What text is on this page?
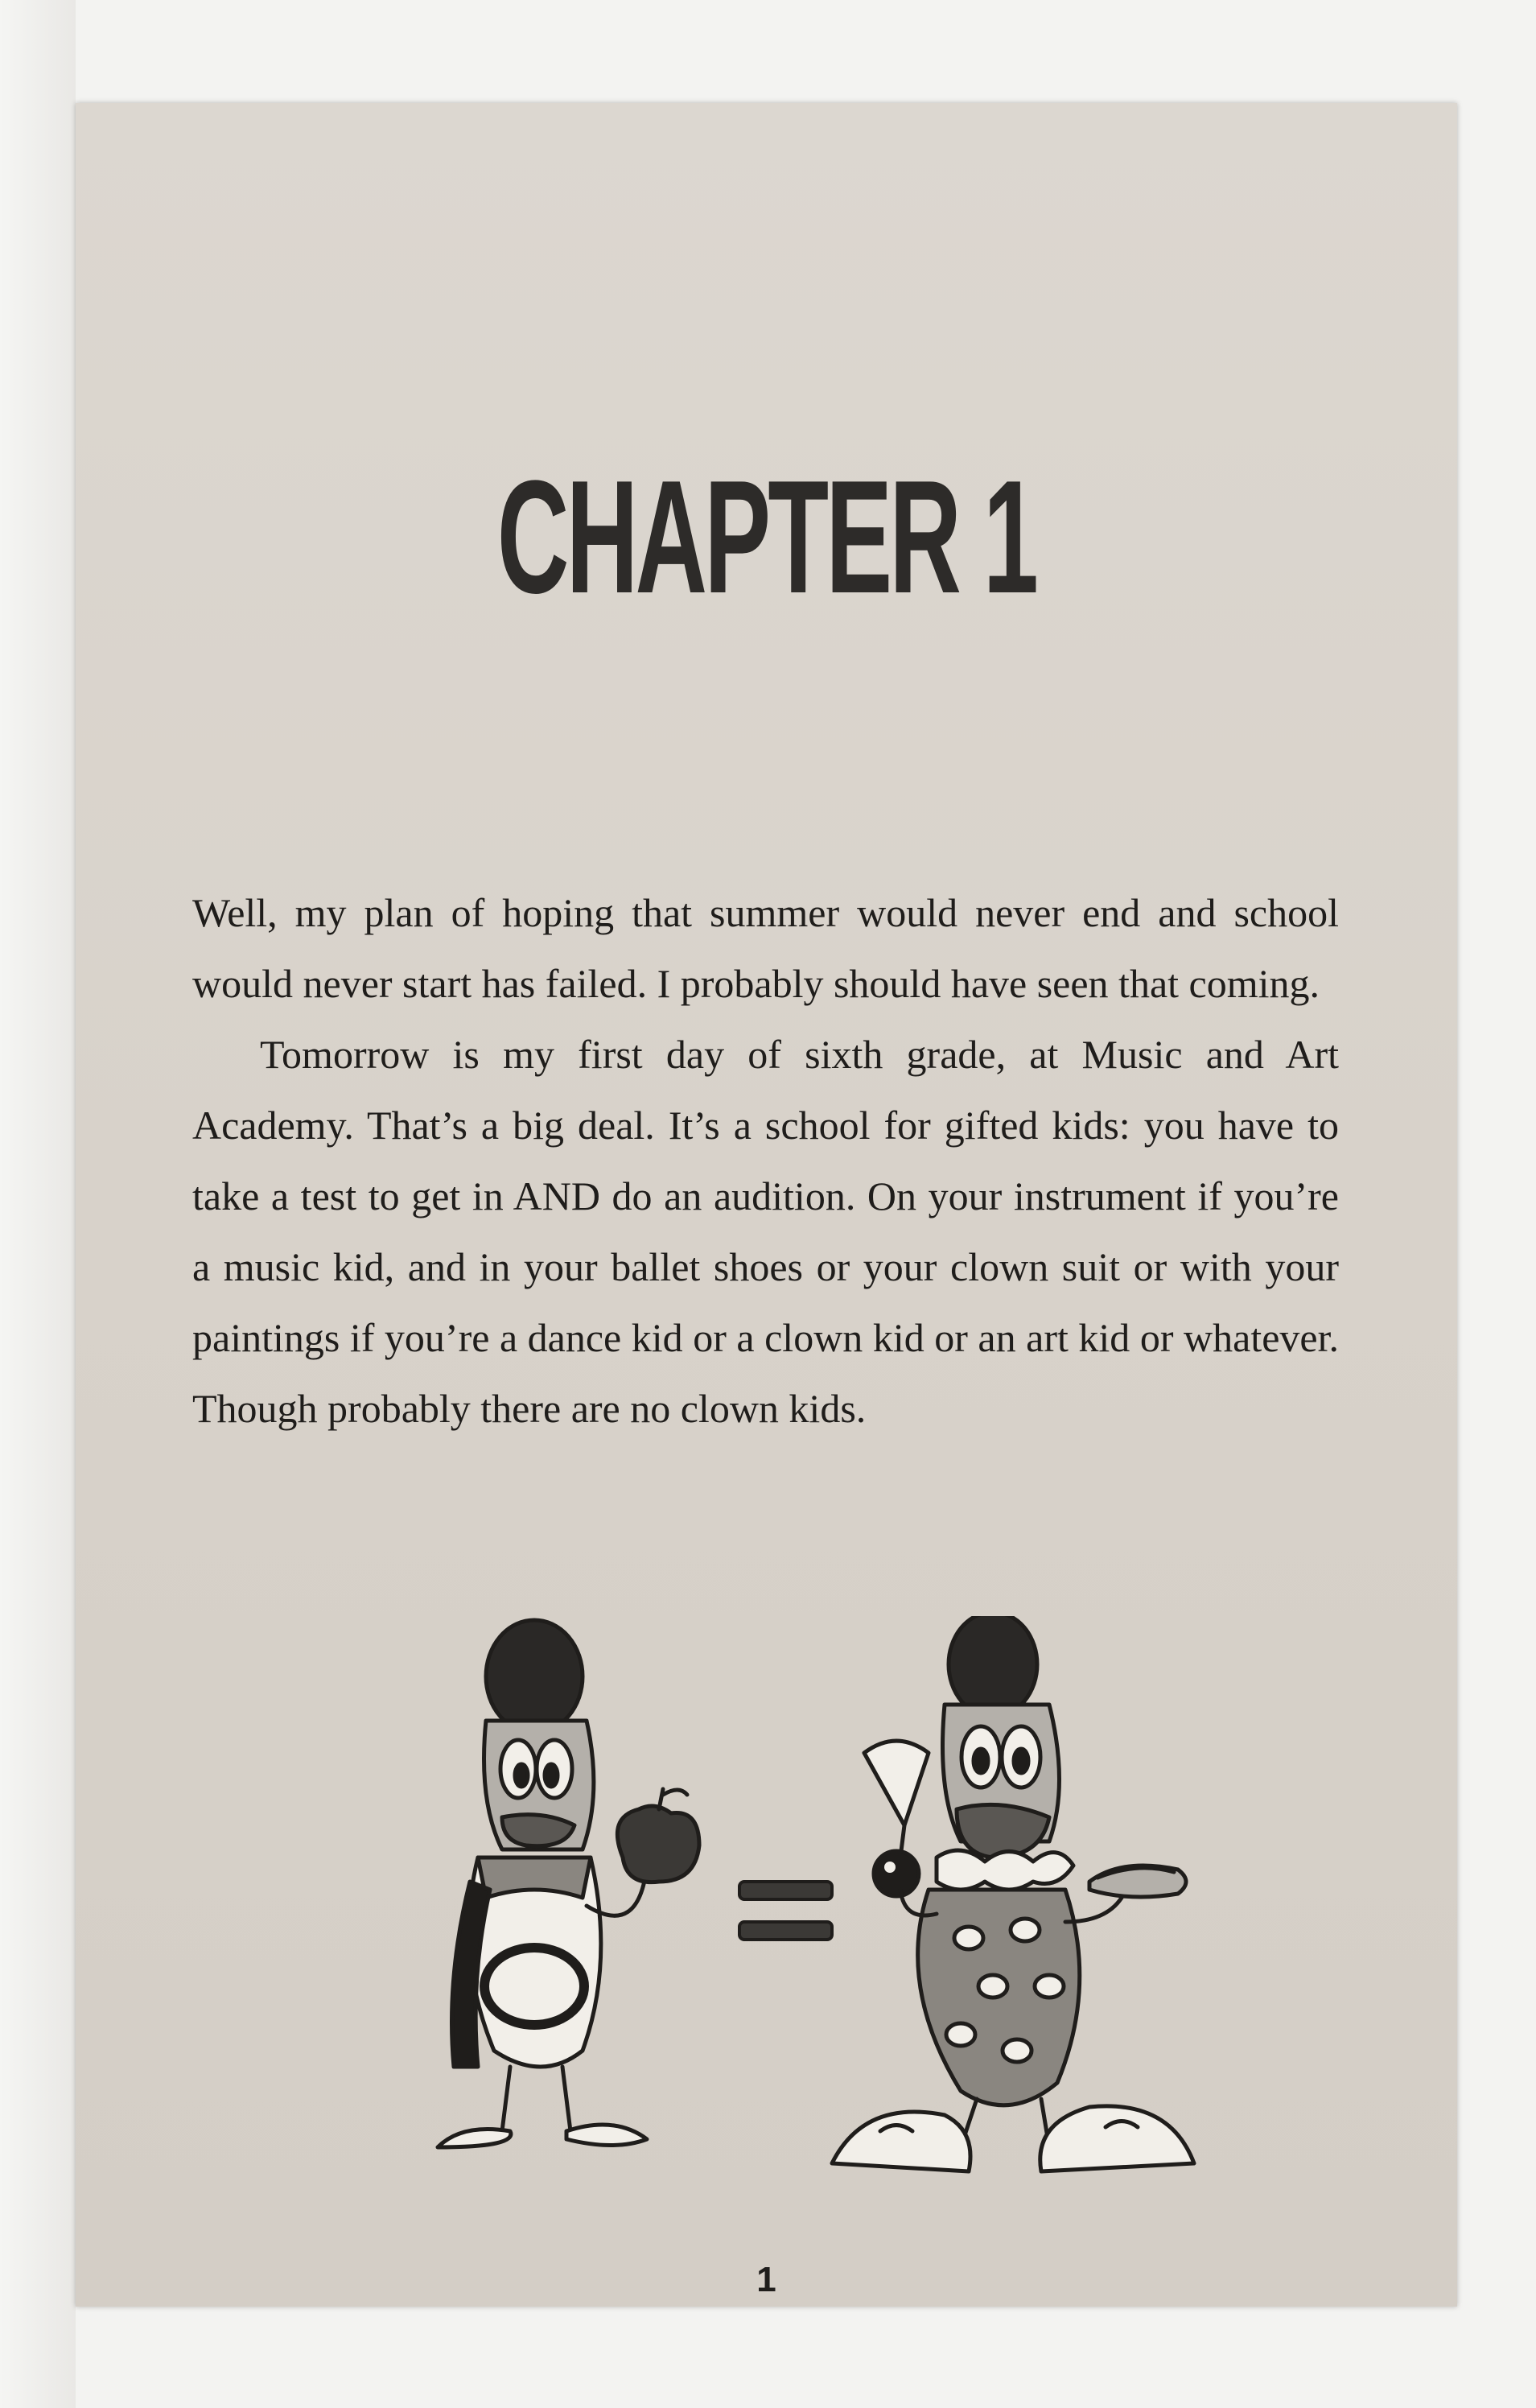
CHAPTER 1

Well, my plan of hoping that summer would never end and school would never start has failed. I probably should have seen that coming.

Tomorrow is my first day of sixth grade, at Music and Art Academy. That’s a big deal. It’s a school for gifted kids: you have to take a test to get in AND do an audition. On your instrument if you’re a music kid, and in your ballet shoes or your clown suit or with your paintings if you’re a dance kid or a clown kid or an art kid or whatever. Though probably there are no clown kids.

1
